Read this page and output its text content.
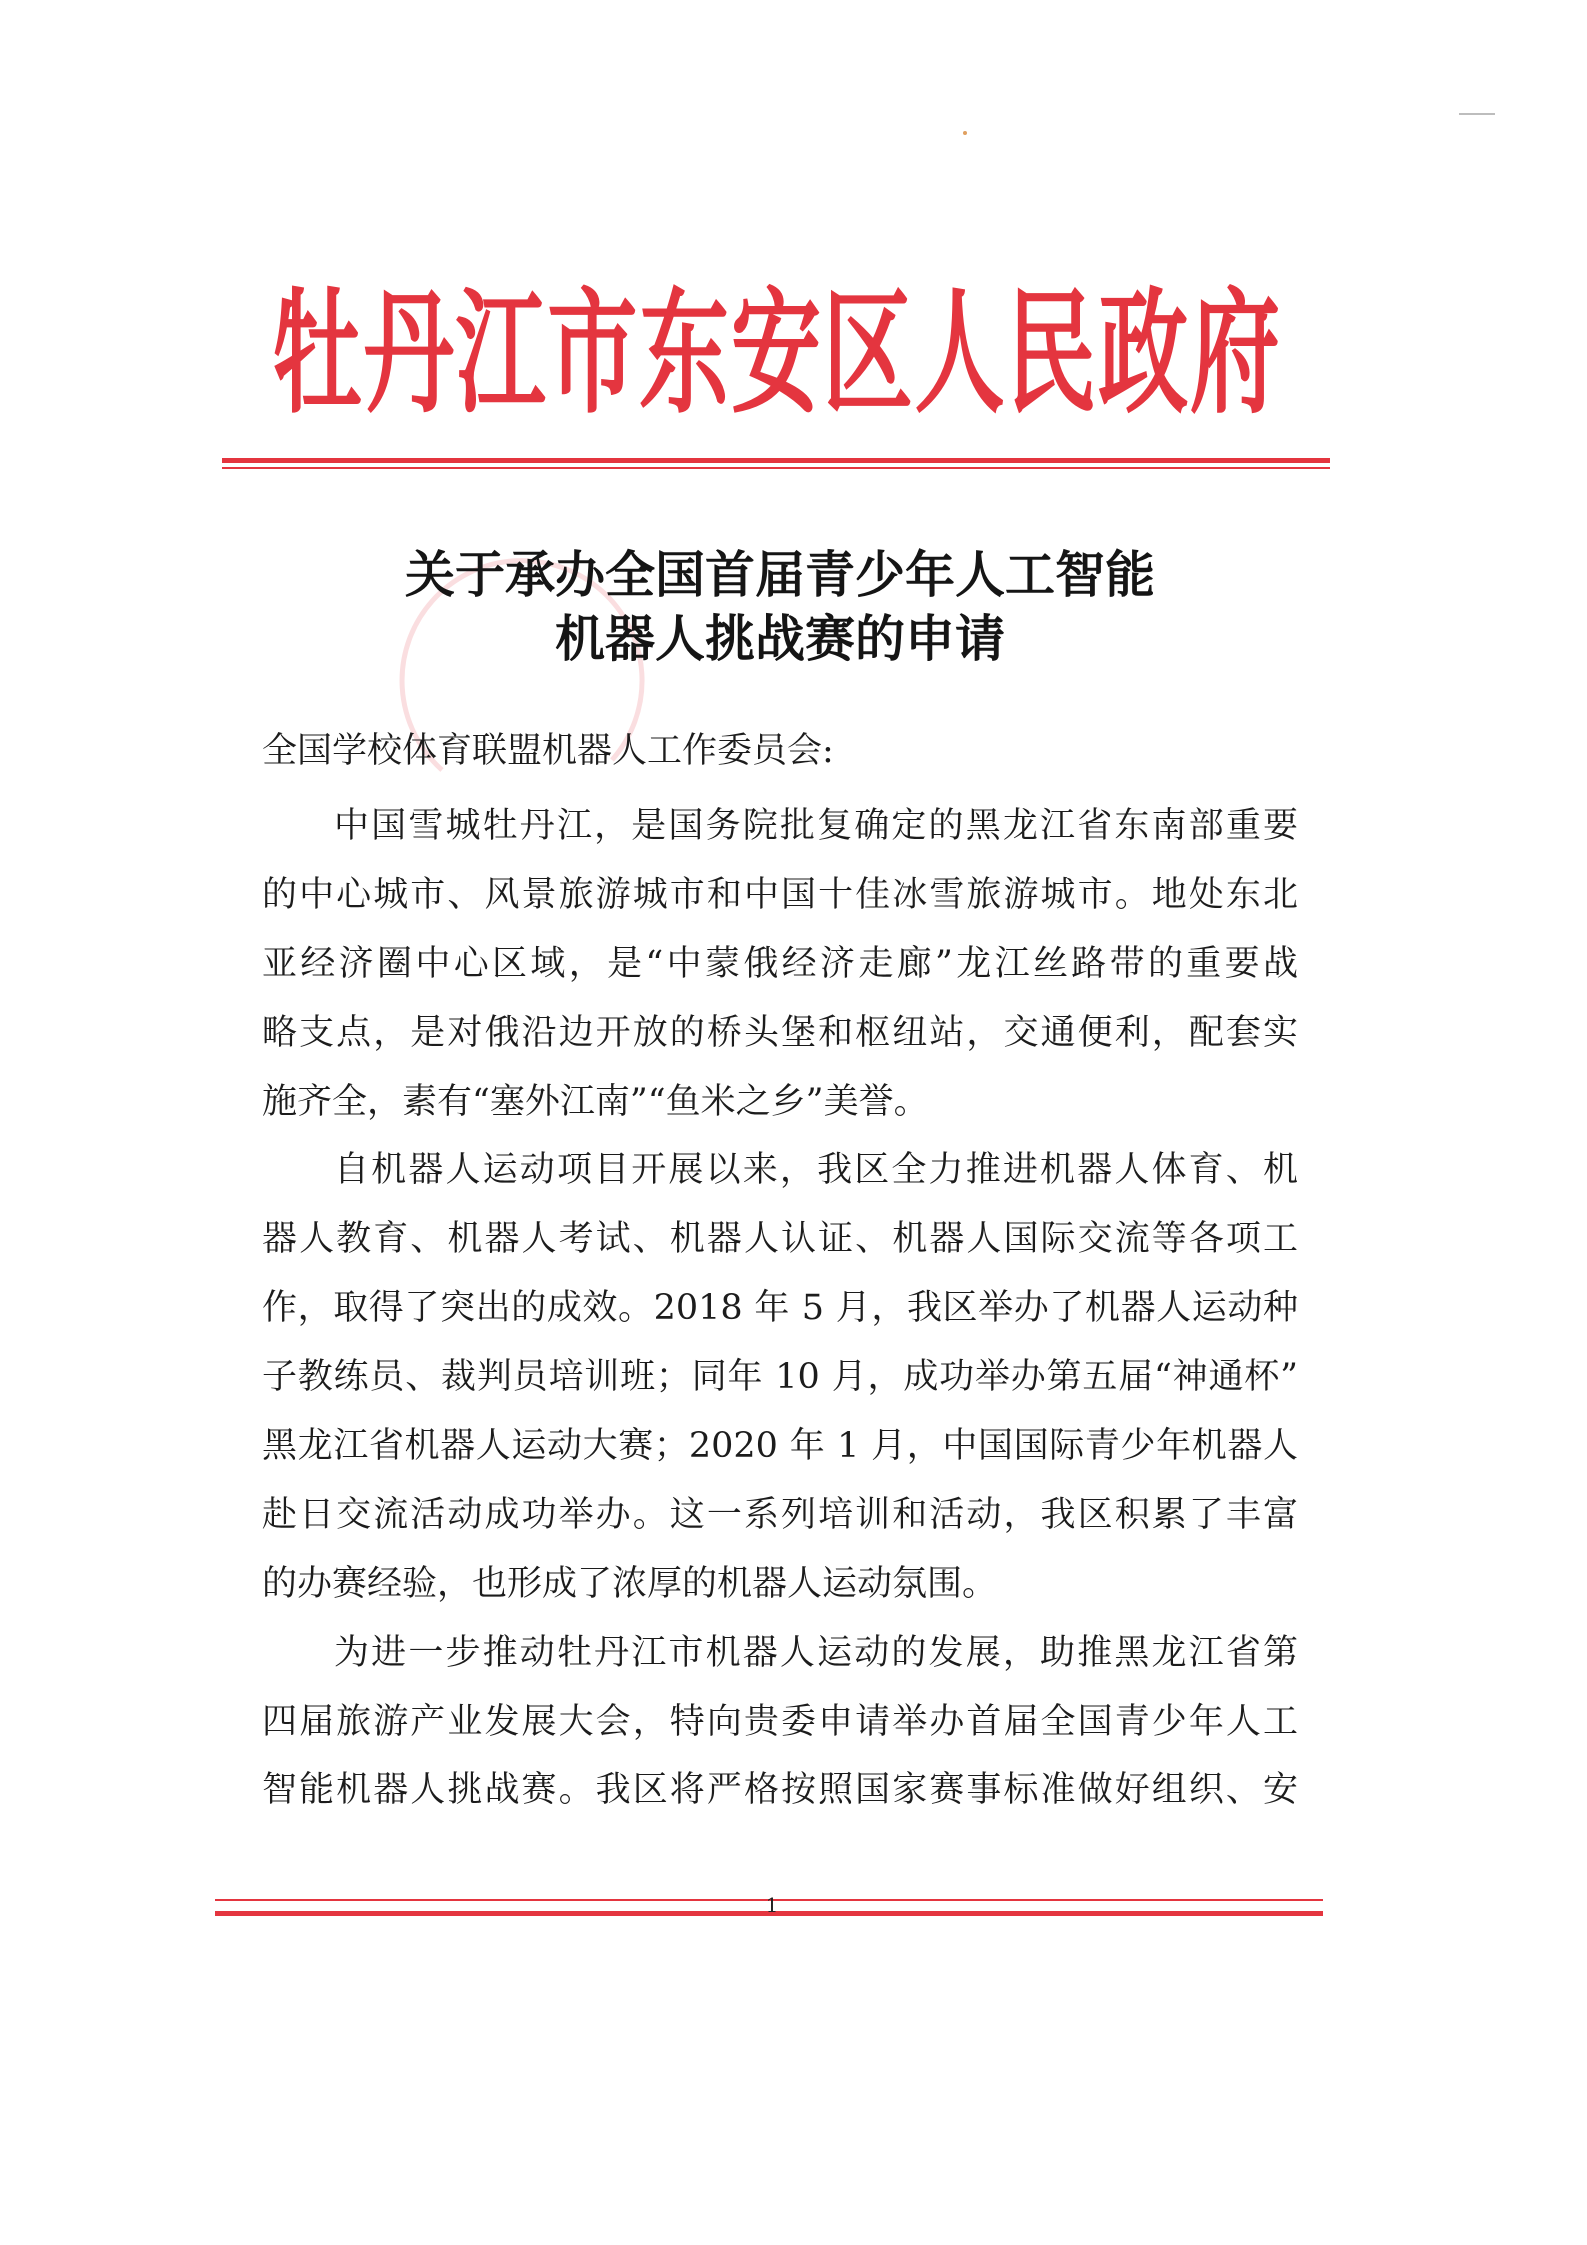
牡丹江市东安区人民政府
关于承办全国首届青少年人工智能
机器人挑战赛的申请
全国学校体育联盟机器人工作委员会:
中国雪城牡丹江，是国务院批复确定的黑龙江省东南部重要
的中心城市、风景旅游城市和中国十佳冰雪旅游城市。地处东北
亚经济圈中心区域，是“中蒙俄经济走廊”龙江丝路带的重要战
略支点，是对俄沿边开放的桥头堡和枢纽站，交通便利，配套实
施齐全，素有“塞外江南”“鱼米之乡”美誉。
自机器人运动项目开展以来，我区全力推进机器人体育、机
器人教育、机器人考试、机器人认证、机器人国际交流等各项工
作，取得了突出的成效。2018 年 5 月，我区举办了机器人运动种
子教练员、裁判员培训班；同年 10 月，成功举办第五届“神通杯”
黑龙江省机器人运动大赛；2020 年 1 月，中国国际青少年机器人
赴日交流活动成功举办。这一系列培训和活动，我区积累了丰富
的办赛经验，也形成了浓厚的机器人运动氛围。
为进一步推动牡丹江市机器人运动的发展，助推黑龙江省第
四届旅游产业发展大会，特向贵委申请举办首届全国青少年人工
智能机器人挑战赛。我区将严格按照国家赛事标准做好组织、安
1
